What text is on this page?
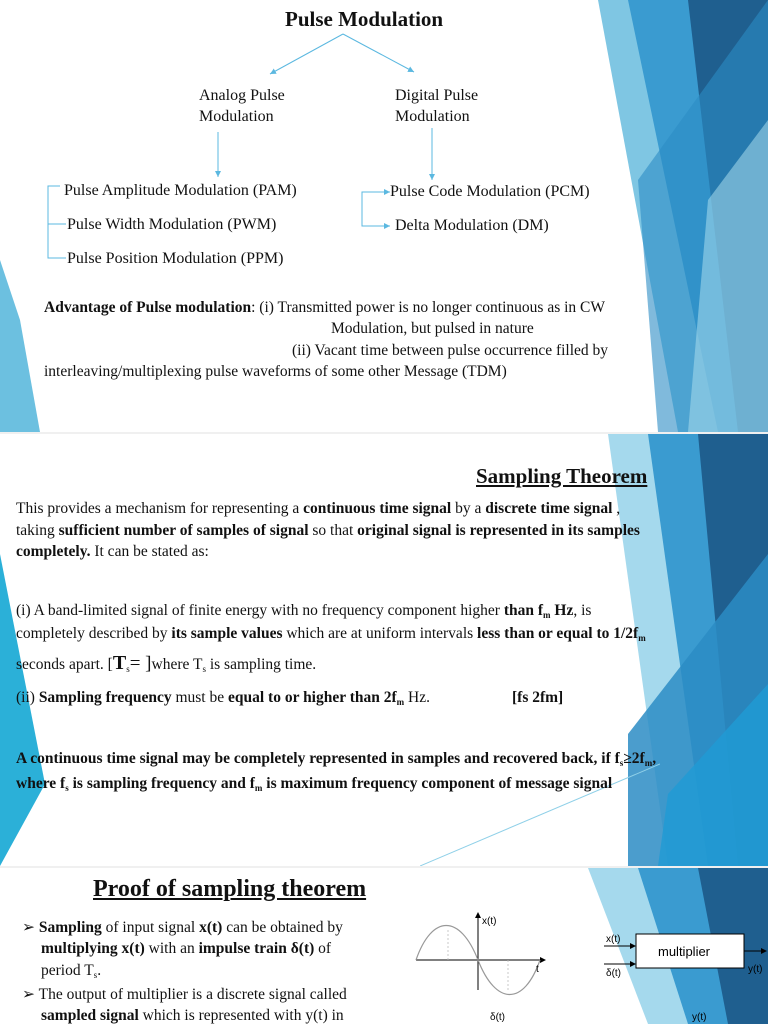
Pulse Modulation
Analog Pulse
Modulation
Digital Pulse
Modulation
Pulse Amplitude Modulation (PAM)
Pulse Width Modulation (PWM)
Pulse Position Modulation (PPM)
Pulse Code Modulation (PCM)
Delta Modulation (DM)
Advantage of Pulse modulation: (i) Transmitted power is no longer continuous as in CW
Modulation, but pulsed in nature
(ii) Vacant time between pulse occurrence filled by
interleaving/multiplexing pulse waveforms of some other Message (TDM)
Sampling Theorem
This provides a mechanism for representing a continuous time signal by a discrete time signal ,
taking sufficient number of samples of signal so that original signal is represented in its samples
completely. It can be stated as:
(i) A band-limited signal of finite energy with no frequency component higher than $f_m$ Hz, is
completely described by its sample values which are at uniform intervals less than or equal to $1/2f_m$
seconds apart. [$T_s=$ ]where $T_s$ is sampling time.
(ii) Sampling frequency must be equal to or higher than $2f_m$ Hz.	[fs 2fm]
A continuous time signal may be completely represented in samples and recovered back, if $f_s\ge 2f_m$,
where $f_s$ is sampling frequency and $f_m$ is maximum frequency component of message signal
Proof of sampling theorem
➢ Sampling of input signal x(t) can be obtained by
multiplying x(t) with an impulse train δ(t) of
period $T_s$.
➢ The output of multiplier is a discrete signal called
sampled signal which is represented with y(t) in
x(t)
t
δ(t)
multiplier
x(t)
δ(t)	y(t)
y(t)
